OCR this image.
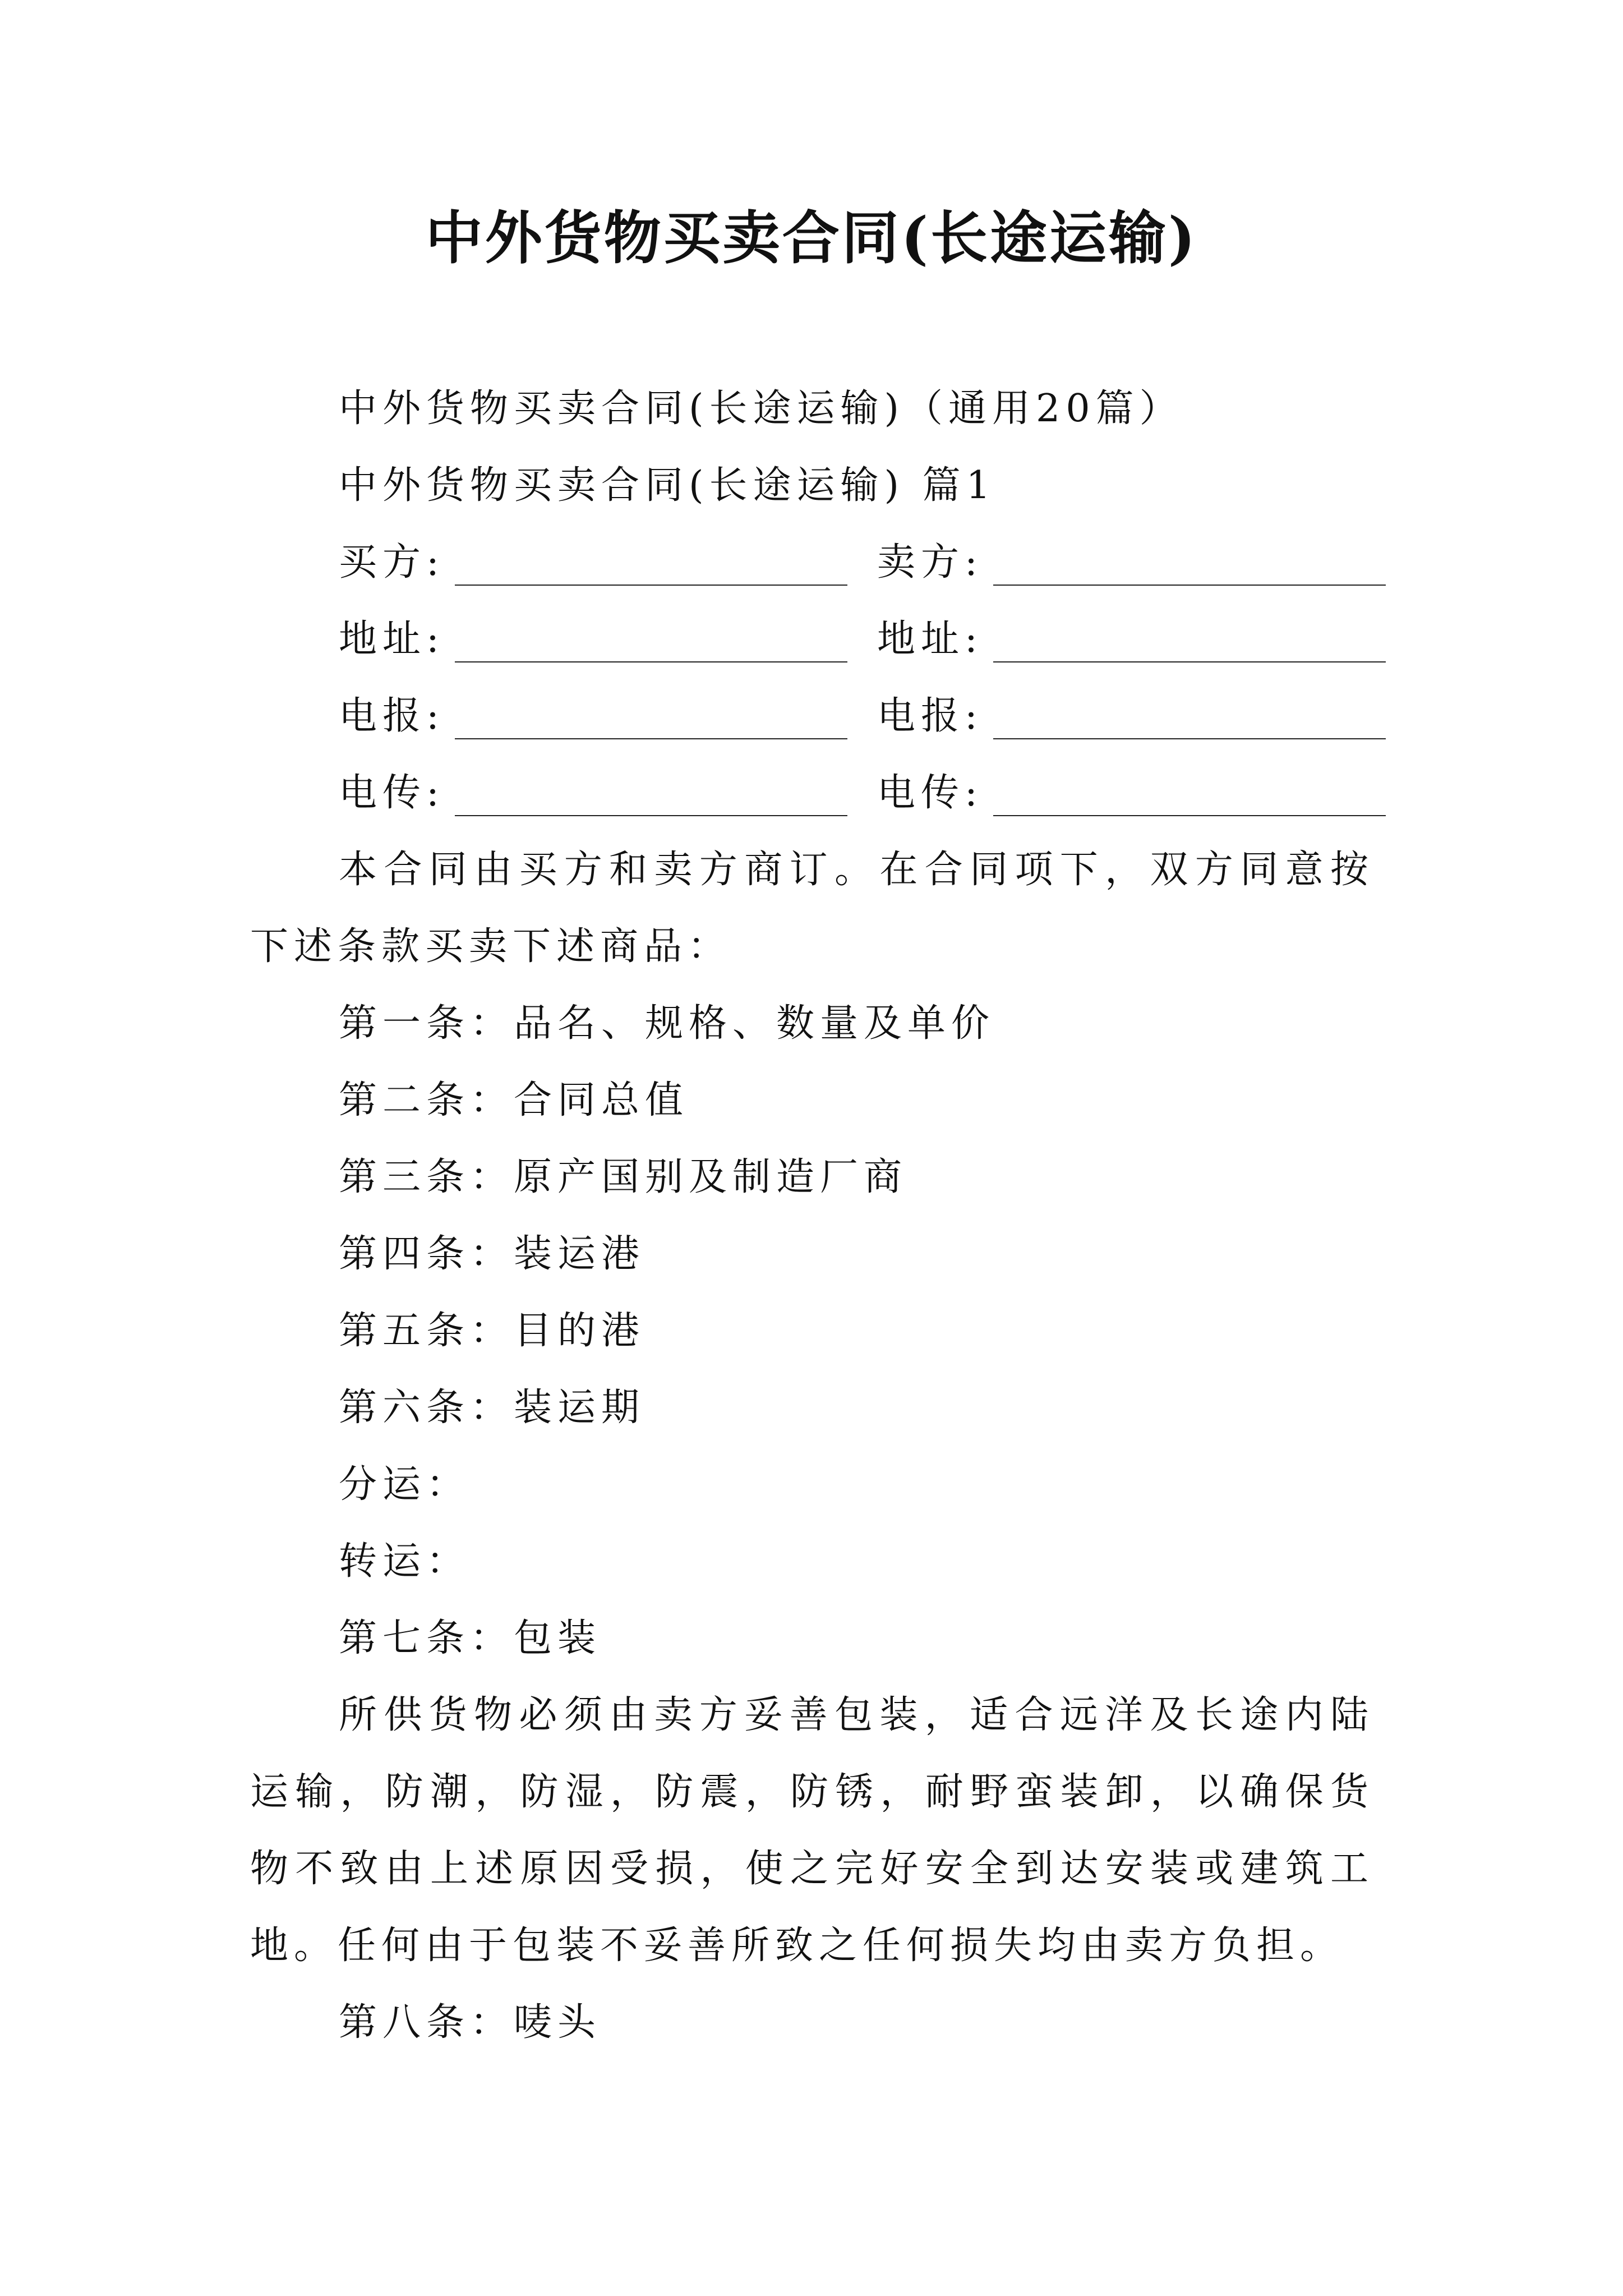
中外货物买卖合同(长途运输)
中外货物买卖合同(长途运输)（通用20篇）
中外货物买卖合同(长途运输) 篇1
买方:	卖方:
地址:	地址:
电报:	电报:
电传:	电传:
本合同由买方和卖方商订。在合同项下，双方同意按下述条款买卖下述商品：
第一条：品名、规格、数量及单价
第二条：合同总值
第三条：原产国别及制造厂商
第四条：装运港
第五条：目的港
第六条：装运期
分运：
转运：
第七条：包装
所供货物必须由卖方妥善包装，适合远洋及长途内陆运输，防潮，防湿，防震，防锈，耐野蛮装卸，以确保货物不致由上述原因受损，使之完好安全到达安装或建筑工地。任何由于包装不妥善所致之任何损失均由卖方负担。
第八条：唛头
